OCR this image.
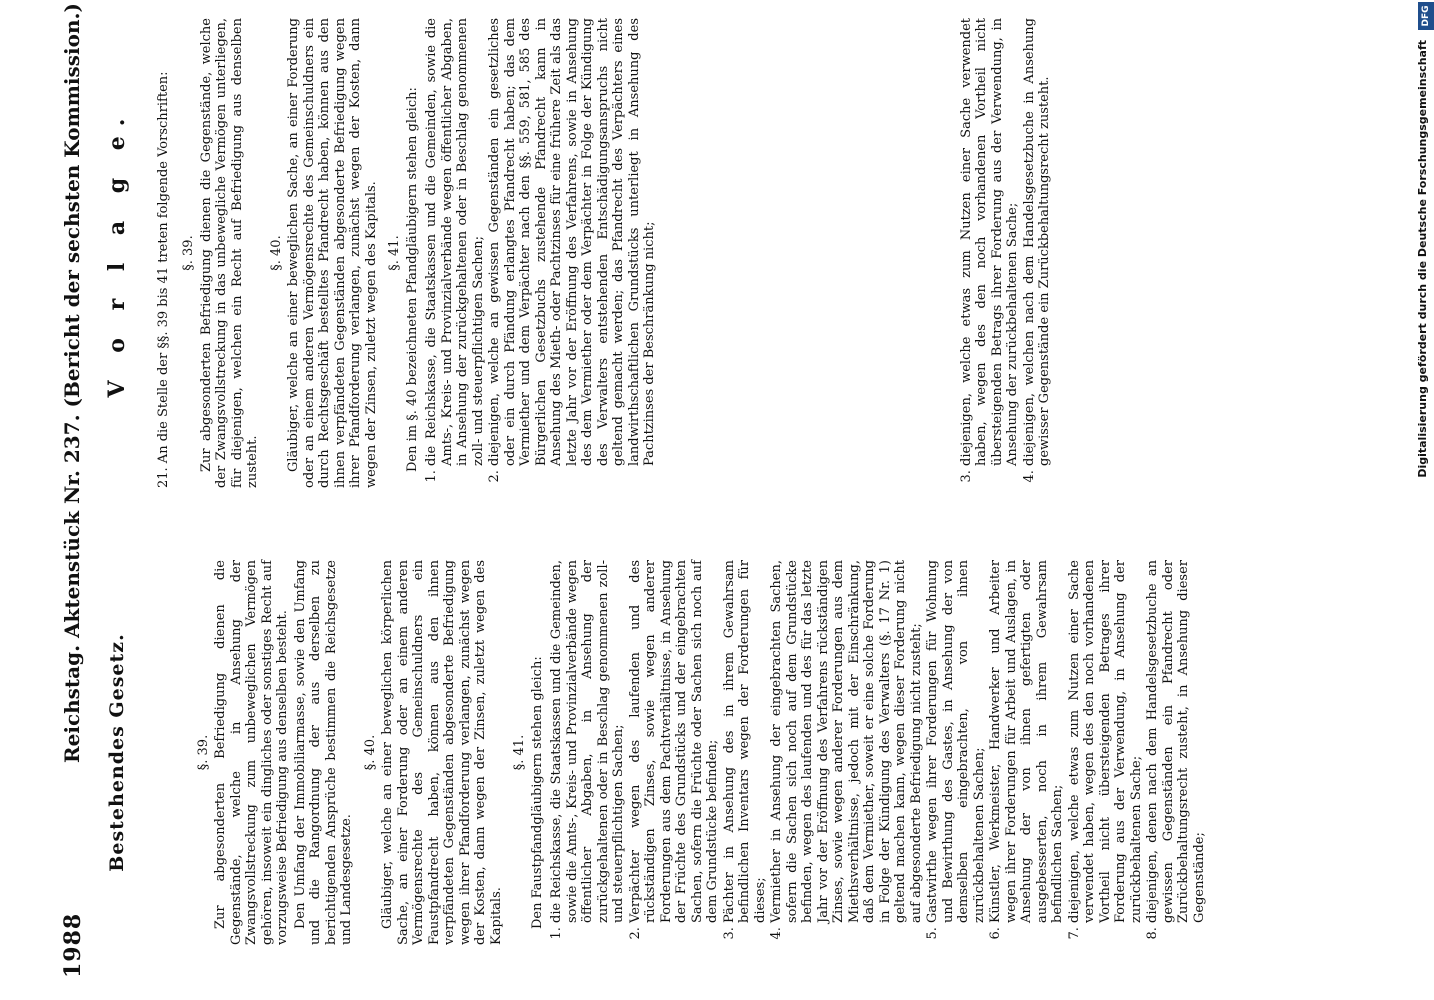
1988
Reichstag. Aktenstück Nr. 237. (Bericht der sechsten Kommission.) Bestehendes Gesetz.	§. 39. Zur abgesonderten Befriedigung dienen die Gegenstände, welche in Ansehung der Zwangsvollstreckung zum unbeweglichen Vermögen gehören, insoweit ein dingliches oder sonstiges Recht auf vorzugsweise Befriedigung aus denselben besteht. Den Umfang der Immobiliarmasse, sowie den Umfang und die Rangordnung der aus derselben zu berichtigenden Ansprüche bestimmen die Reichsgesetze und Landesgesetze.

§. 40. Gläubiger, welche an einer beweglichen körperlichen Sache, an einer Forderung oder an einem anderen Vermögensrechte des Gemeinschuldners ein Faustpfandrecht haben, können aus den ihnen verpfändeten Gegenständen abgesonderte Befriedigung wegen ihrer Pfandforderung verlangen, zunächst wegen der Kosten, dann wegen der Zinsen, zuletzt wegen des Kapitals.

§. 41. Den Faustpfandgläubigern stehen gleich: 1. die Reichskasse, die Staatskassen und die Gemeinden, sowie die Amts-, Kreis- und Provinzialverbände wegen öffentlicher Abgaben, in Ansehung der zurückgehaltenen oder in Beschlag genommenen zoll- und steuerpflichtigen Sachen; 2. Verpächter wegen des laufenden und des rückständigen Zinses, sowie wegen anderer Forderungen aus dem Pachtverhältnisse, in Ansehung der Früchte des Grundstücks und der eingebrachten Sachen, sofern die Früchte oder Sachen sich noch auf dem Grundstücke befinden; 3. Pächter in Ansehung des in ihrem Gewahrsam befindlichen Inventars wegen der Forderungen für dieses; 4. Vermiether in Ansehung der eingebrachten Sachen, sofern die Sachen sich noch auf dem Grundstücke befinden, wegen des laufenden und des für das letzte Jahr vor der Eröffnung des Verfahrens rückständigen Zinses, sowie wegen anderer Forderungen aus dem Miethsverhältnisse, jedoch mit der Einschränkung, daß dem Vermiether, soweit er eine solche Forderung in Folge der Kündigung des Verwalters (§. 17 Nr. 1) geltend machen kann, wegen dieser Forderung nicht auf abgesonderte Befriedigung nicht zusteht; 5. Gastwirthe wegen ihrer Forderungen für Wohnung und Bewirthung des Gastes, in Ansehung der von demselben eingebrachten, von ihnen zurückbehaltenen Sachen; 6. Künstler, Werkmeister, Handwerker und Arbeiter wegen ihrer Forderungen für Arbeit und Auslagen, in Ansehung der von ihnen gefertigten oder ausgebesserten, noch in ihrem Gewahrsam befindlichen Sachen; 7. diejenigen, welche etwas zum Nutzen einer Sache verwendet haben, wegen des den noch vorhandenen Vortheil nicht übersteigenden Betrages ihrer Forderung aus der Verwendung, in Ansehung der zurückbehaltenen Sache; 8. diejenigen, denen nach dem Handelsgesetzbuche an gewissen Gegenständen ein Pfandrecht oder Zurückbehaltungsrecht zusteht, in Ansehung dieser Gegenstände;
V o r l a g e. 21. An die Stelle der §§. 39 bis 41 treten folgende Vorschriften: §. 39. Zur abgesonderten Befriedigung dienen die Gegenstände, welche der Zwangsvollstreckung in das unbewegliche Vermögen unterliegen, für diejenigen, welchen ein Recht auf Befriedigung aus denselben zusteht.

§. 40. Gläubiger, welche an einer beweglichen Sache, an einer Forderung oder an einem anderen Vermögensrechte des Gemeinschuldners ein durch Rechtsgeschäft bestelltes Pfandrecht haben, können aus den ihnen verpfändeten Gegenständen abgesonderte Befriedigung wegen ihrer Pfandforderung verlangen, zunächst wegen der Kosten, dann wegen der Zinsen, zuletzt wegen des Kapitals. §. 41. Den im §. 40 bezeichneten Pfandgläubigern stehen gleich: 1. die Reichskasse, die Staatskassen und die Gemeinden, sowie die Amts-, Kreis- und Provinzialverbände wegen öffentlicher Abgaben, in Ansehung der zurückgehaltenen oder in Beschlag genommenen zoll- und steuerpflichtigen Sachen; 2. diejenigen, welche an gewissen Gegenständen ein gesetzliches oder ein durch Pfändung erlangtes Pfandrecht haben; das dem Vermiether und dem Verpächter nach den §§. 559, 581, 585 des Bürgerlichen Gesetzbuchs zustehende Pfandrecht kann in Ansehung des Mieth- oder Pachtzinses für eine frühere Zeit als das letzte Jahr vor der Eröffnung des Verfahrens, sowie in Ansehung des dem Vermiether oder dem Verpächter in Folge der Kündigung des Verwalters entstehenden Entschädigungsanspruchs nicht geltend gemacht werden; das Pfandrecht des Verpächters eines landwirthschaftlichen Grundstücks unterliegt in Ansehung des Pachtzinses der Beschränkung nicht;	3. diejenigen, welche etwas zum Nutzen einer Sache verwendet haben, wegen des den noch vorhandenen Vortheil nicht übersteigenden Betrags ihrer Forderung aus der Verwendung, in Ansehung der zurückbehaltenen Sache; 4. diejenigen, welchen nach dem Handelsgesetzbuche in Ansehung gewisser Gegenstände ein Zurückbehaltungsrecht zusteht.	Digitalisierung gefördert durch die Deutsche Forschungsgemeinschaft
DFG
